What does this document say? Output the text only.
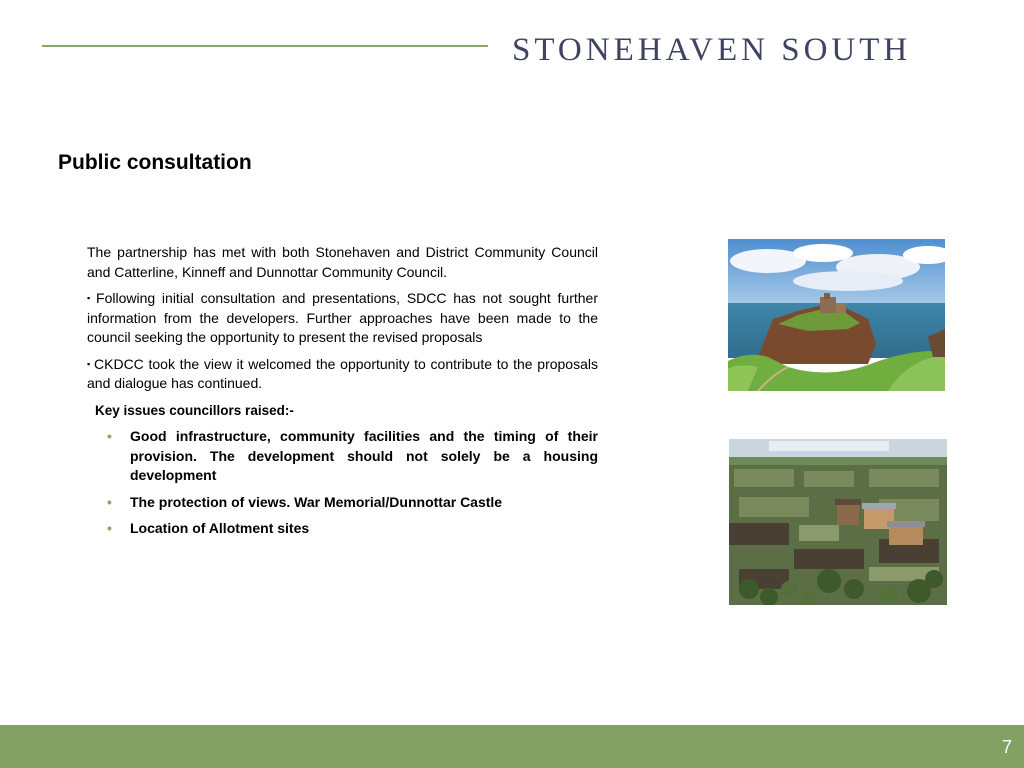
STONEHAVEN SOUTH
Public consultation

The partnership has met with both Stonehaven and District Community Council and Catterline, Kinneff and Dunnottar Community Council.

▪ Following initial consultation and presentations, SDCC has not sought further information from the developers. Further approaches have been made to the council seeking the opportunity to present the revised proposals

▪ CKDCC took the view it welcomed the opportunity to contribute to the proposals and dialogue has continued.

Key issues councillors raised:-

• Good infrastructure, community facilities and the timing of their provision. The development should not solely be a housing development
• The protection of views. War Memorial/Dunnottar Castle
• Location of Allotment sites
7
